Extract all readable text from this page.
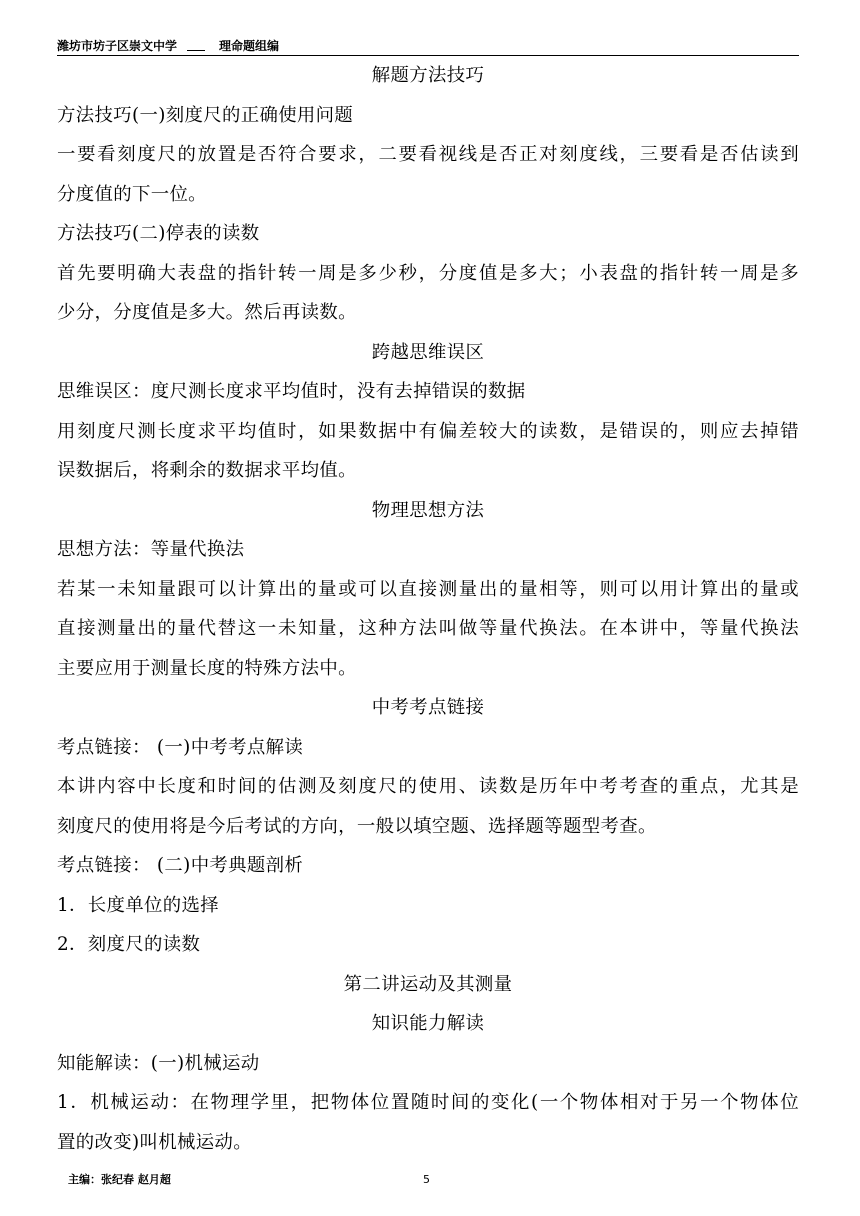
潍坊市坊子区崇文中学	理命题组编
解题方法技巧
方法技巧(一)刻度尺的正确使用问题
一要看刻度尺的放置是否符合要求，二要看视线是否正对刻度线，三要看是否估读到
分度值的下一位。
方法技巧(二)停表的读数
首先要明确大表盘的指针转一周是多少秒，分度值是多大；小表盘的指针转一周是多
少分，分度值是多大。然后再读数。
跨越思维误区
思维误区：度尺测长度求平均值时，没有去掉错误的数据
用刻度尺测长度求平均值时，如果数据中有偏差较大的读数，是错误的，则应去掉错
误数据后，将剩余的数据求平均值。
物理思想方法
思想方法：等量代换法
若某一未知量跟可以计算出的量或可以直接测量出的量相等，则可以用计算出的量或
直接测量出的量代替这一未知量，这种方法叫做等量代换法。在本讲中，等量代换法
主要应用于测量长度的特殊方法中。
中考考点链接
考点链接： (一)中考考点解读
本讲内容中长度和时间的估测及刻度尺的使用、读数是历年中考考查的重点，尤其是
刻度尺的使用将是今后考试的方向，一般以填空题、选择题等题型考查。
考点链接： (二)中考典题剖析
1．长度单位的选择
2．刻度尺的读数
第二讲运动及其测量
知识能力解读
知能解读：(一)机械运动
1．机械运动：在物理学里，把物体位置随时间的变化(一个物体相对于另一个物体位
置的改变)叫机械运动。
主编：张纪春 赵月超	5
